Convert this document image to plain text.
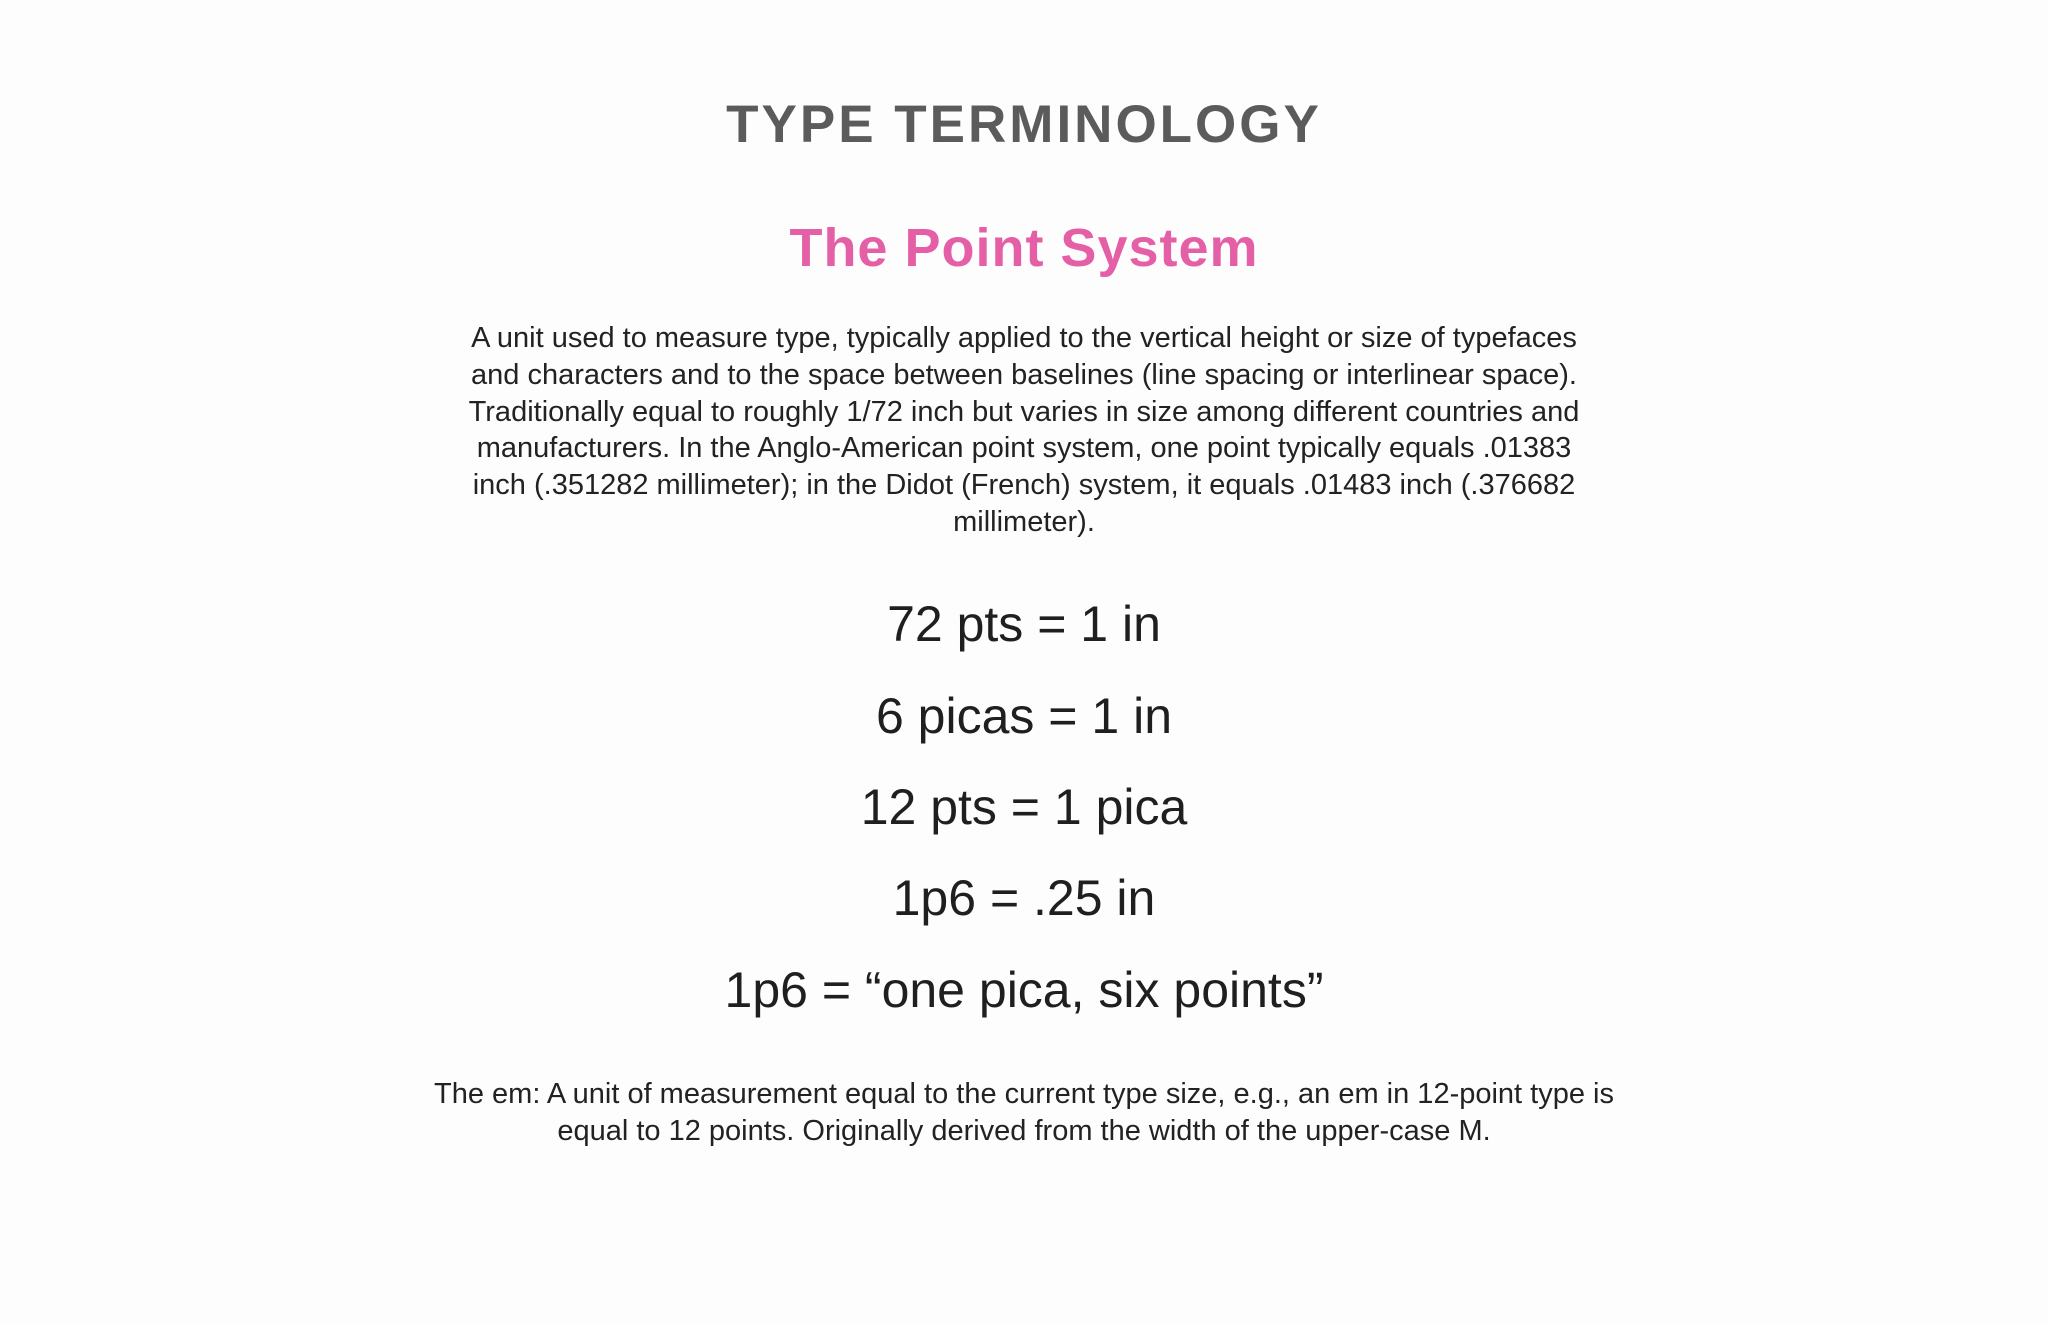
TYPE TERMINOLOGY
The Point System
A unit used to measure type, typically applied to the vertical height or size of typefaces and characters and to the space between baselines (line spacing or interlinear space). Traditionally equal to roughly 1/72 inch but varies in size among different countries and manufacturers. In the Anglo-American point system, one point typically equals .01383 inch (.351282 millimeter); in the Didot (French) system, it equals .01483 inch (.376682 millimeter).
72 pts = 1 in
6 picas = 1 in
12 pts = 1 pica
1p6 = .25 in
1p6 = “one pica, six points”
The em: A unit of measurement equal to the current type size, e.g., an em in 12-point type is equal to 12 points. Originally derived from the width of the upper-case M.
